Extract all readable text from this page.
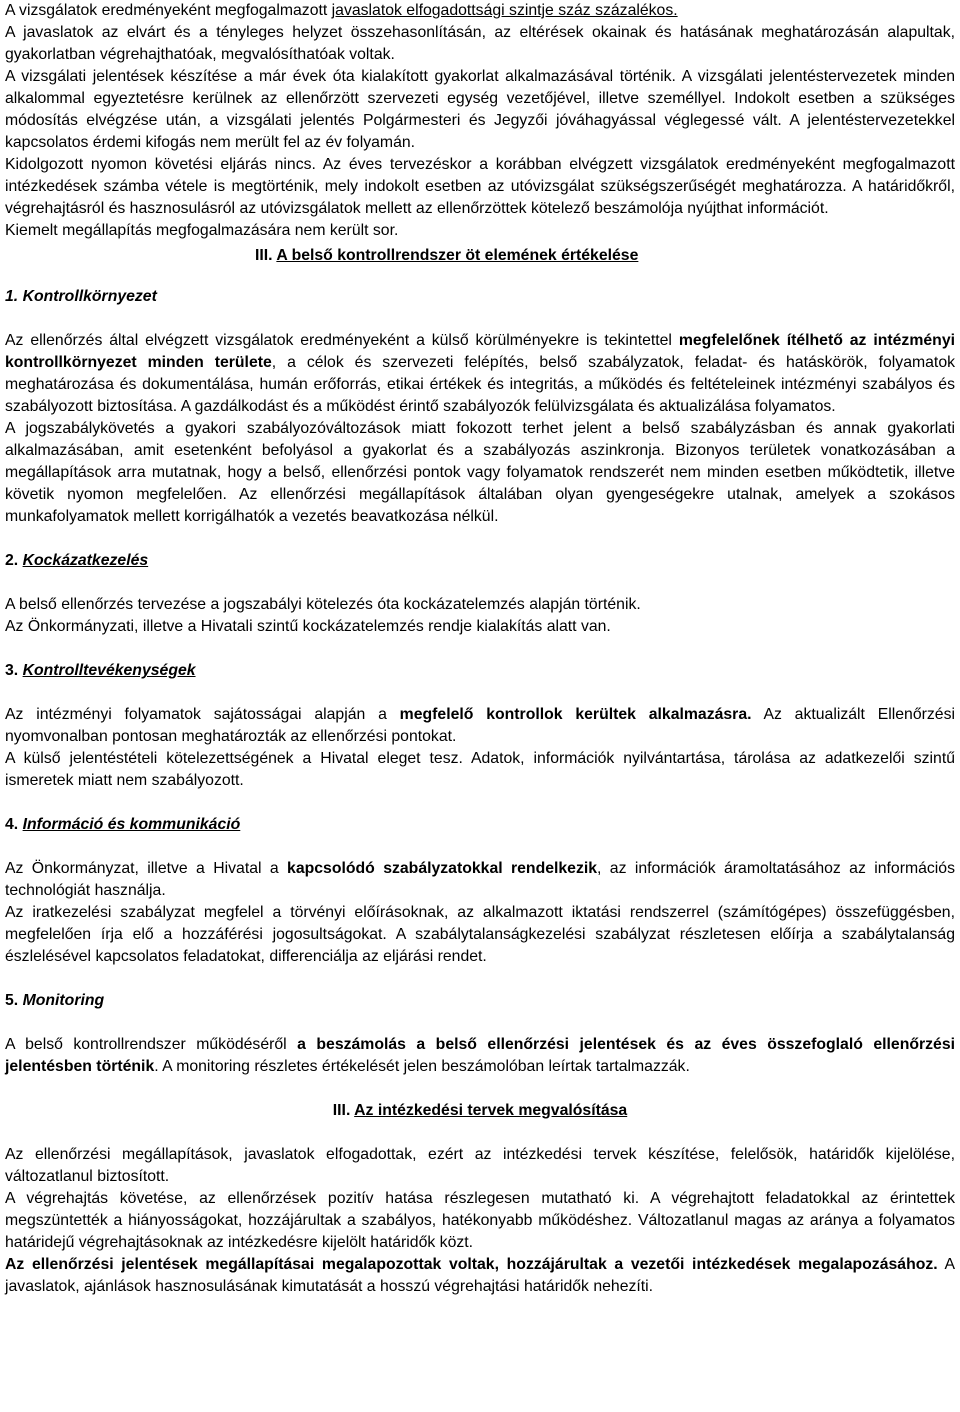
A vizsgálatok eredményeként megfogalmazott javaslatok elfogadottsági szintje száz százalékos.

A javaslatok az elvárt és a tényleges helyzet összehasonlításán, az eltérések okainak és hatásának meghatározásán alapultak, gyakorlatban végrehajthatóak, megvalósíthatóak voltak.

A vizsgálati jelentések készítése a már évek óta kialakított gyakorlat alkalmazásával történik. A vizsgálati jelentéstervezetek minden alkalommal egyeztetésre kerülnek az ellenőrzött szervezeti egység vezetőjével, illetve személlyel. Indokolt esetben a szükséges módosítás elvégzése után, a vizsgálati jelentés Polgármesteri és Jegyzői jóváhagyással véglegessé vált. A jelentéstervezetekkel kapcsolatos érdemi kifogás nem merült fel az év folyamán.

Kidolgozott nyomon követési eljárás nincs. Az éves tervezéskor a korábban elvégzett vizsgálatok eredményeként megfogalmazott intézkedések számba vétele is megtörténik, mely indokolt esetben az utóvizsgálat szükségszerűségét meghatározza. A határidőkről, végrehajtásról és hasznosulásról az utóvizsgálatok mellett az ellenőrzöttek kötelező beszámolója nyújthat információt.

Kiemelt megállapítás megfogalmazására nem került sor.

III. A belső kontrollrendszer öt elemének értékelése
1. Kontrollkörnyezet

Az ellenőrzés által elvégzett vizsgálatok eredményeként a külső körülményekre is tekintettel megfelelőnek ítélhető az intézményi kontrollkörnyezet minden területe, a célok és szervezeti felépítés, belső szabályzatok, feladat- és hatáskörök, folyamatok meghatározása és dokumentálása, humán erőforrás, etikai értékek és integritás, a működés és feltételeinek intézményi szabályos és szabályozott biztosítása. A gazdálkodást és a működést érintő szabályozók felülvizsgálata és aktualizálása folyamatos.

A jogszabálykövetés a gyakori szabályozóváltozások miatt fokozott terhet jelent a belső szabályzásban és annak gyakorlati alkalmazásában, amit esetenként befolyásol a gyakorlat és a szabályozás aszinkronja. Bizonyos területek vonatkozásában a megállapítások arra mutatnak, hogy a belső, ellenőrzési pontok vagy folyamatok rendszerét nem minden esetben működtetik, illetve követik nyomon megfelelően. Az ellenőrzési megállapítások általában olyan gyengeségekre utalnak, amelyek a szokásos munkafolyamatok mellett korrigálhatók a vezetés beavatkozása nélkül.

2. Kockázatkezelés

A belső ellenőrzés tervezése a jogszabályi kötelezés óta kockázatelemzés alapján történik.

Az Önkormányzati, illetve a Hivatali szintű kockázatelemzés rendje kialakítás alatt van.

3. Kontrolltevékenységek

Az intézményi folyamatok sajátosságai alapján a megfelelő kontrollok kerültek alkalmazásra. Az aktualizált Ellenőrzési nyomvonalban pontosan meghatározták az ellenőrzési pontokat.

A külső jelentéstételi kötelezettségének a Hivatal eleget tesz. Adatok, információk nyilvántartása, tárolása az adatkezelői szintű ismeretek miatt nem szabályozott.

4. Információ és kommunikáció

Az Önkormányzat, illetve a Hivatal a kapcsolódó szabályzatokkal rendelkezik, az információk áramoltatásához az információs technológiát használja.

Az iratkezelési szabályzat megfelel a törvényi előírásoknak, az alkalmazott iktatási rendszerrel (számítógépes) összefüggésben, megfelelően írja elő a hozzáférési jogosultságokat. A szabálytalanságkezelési szabályzat részletesen előírja a szabálytalanság észlelésével kapcsolatos feladatokat, differenciálja az eljárási rendet.

5. Monitoring

A belső kontrollrendszer működéséről a beszámolás a belső ellenőrzési jelentések és az éves összefoglaló ellenőrzési jelentésben történik. A monitoring részletes értékelését jelen beszámolóban leírtak tartalmazzák.

III. Az intézkedési tervek megvalósítása

Az ellenőrzési megállapítások, javaslatok elfogadottak, ezért az intézkedési tervek készítése, felelősök, határidők kijelölése, változatlanul biztosított.

A végrehajtás követése, az ellenőrzések pozitív hatása részlegesen mutatható ki. A végrehajtott feladatokkal az érintettek megszüntették a hiányosságokat, hozzájárultak a szabályos, hatékonyabb működéshez. Változatlanul magas az aránya a folyamatos határidejű végrehajtásoknak az intézkedésre kijelölt határidők közt.

Az ellenőrzési jelentések megállapításai megalapozottak voltak, hozzájárultak a vezetői intézkedések megalapozásához. A javaslatok, ajánlások hasznosulásának kimutatását a hosszú végrehajtási határidők nehezíti.
